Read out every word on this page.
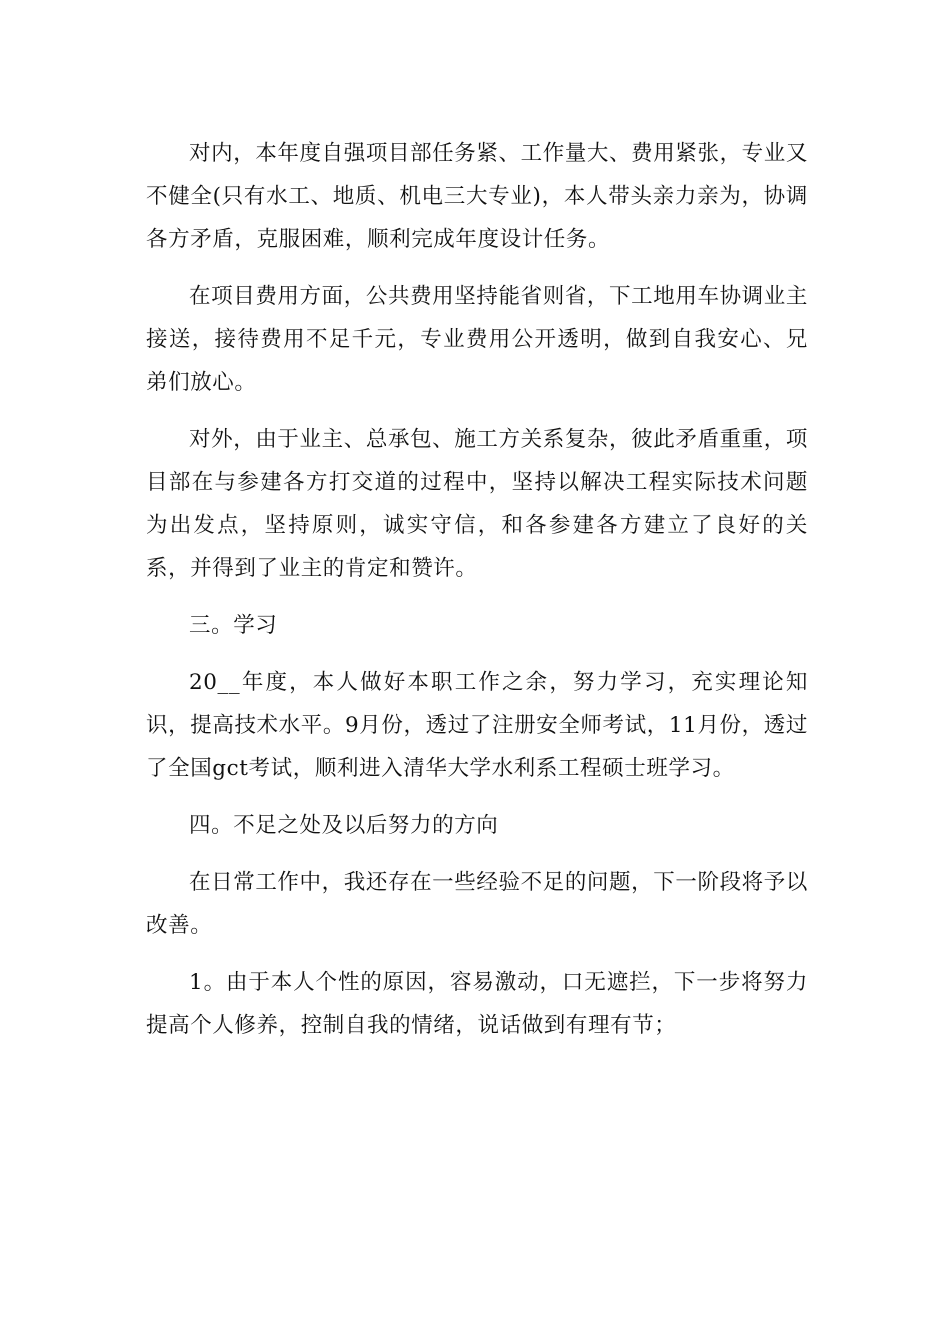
对内，本年度自强项目部任务紧、工作量大、费用紧张，专业又不健全(只有水工、地质、机电三大专业)，本人带头亲力亲为，协调各方矛盾，克服困难，顺利完成年度设计任务。

在项目费用方面，公共费用坚持能省则省，下工地用车协调业主接送，接待费用不足千元，专业费用公开透明，做到自我安心、兄弟们放心。

对外，由于业主、总承包、施工方关系复杂，彼此矛盾重重，项目部在与参建各方打交道的过程中，坚持以解决工程实际技术问题为出发点，坚持原则，诚实守信，和各参建各方建立了良好的关系，并得到了业主的肯定和赞许。

三。学习

20__年度，本人做好本职工作之余，努力学习，充实理论知识，提高技术水平。9月份，透过了注册安全师考试，11月份，透过了全国gct考试，顺利进入清华大学水利系工程硕士班学习。

四。不足之处及以后努力的方向

在日常工作中，我还存在一些经验不足的问题，下一阶段将予以改善。

1。由于本人个性的原因，容易激动，口无遮拦，下一步将努力提高个人修养，控制自我的情绪，说话做到有理有节；
